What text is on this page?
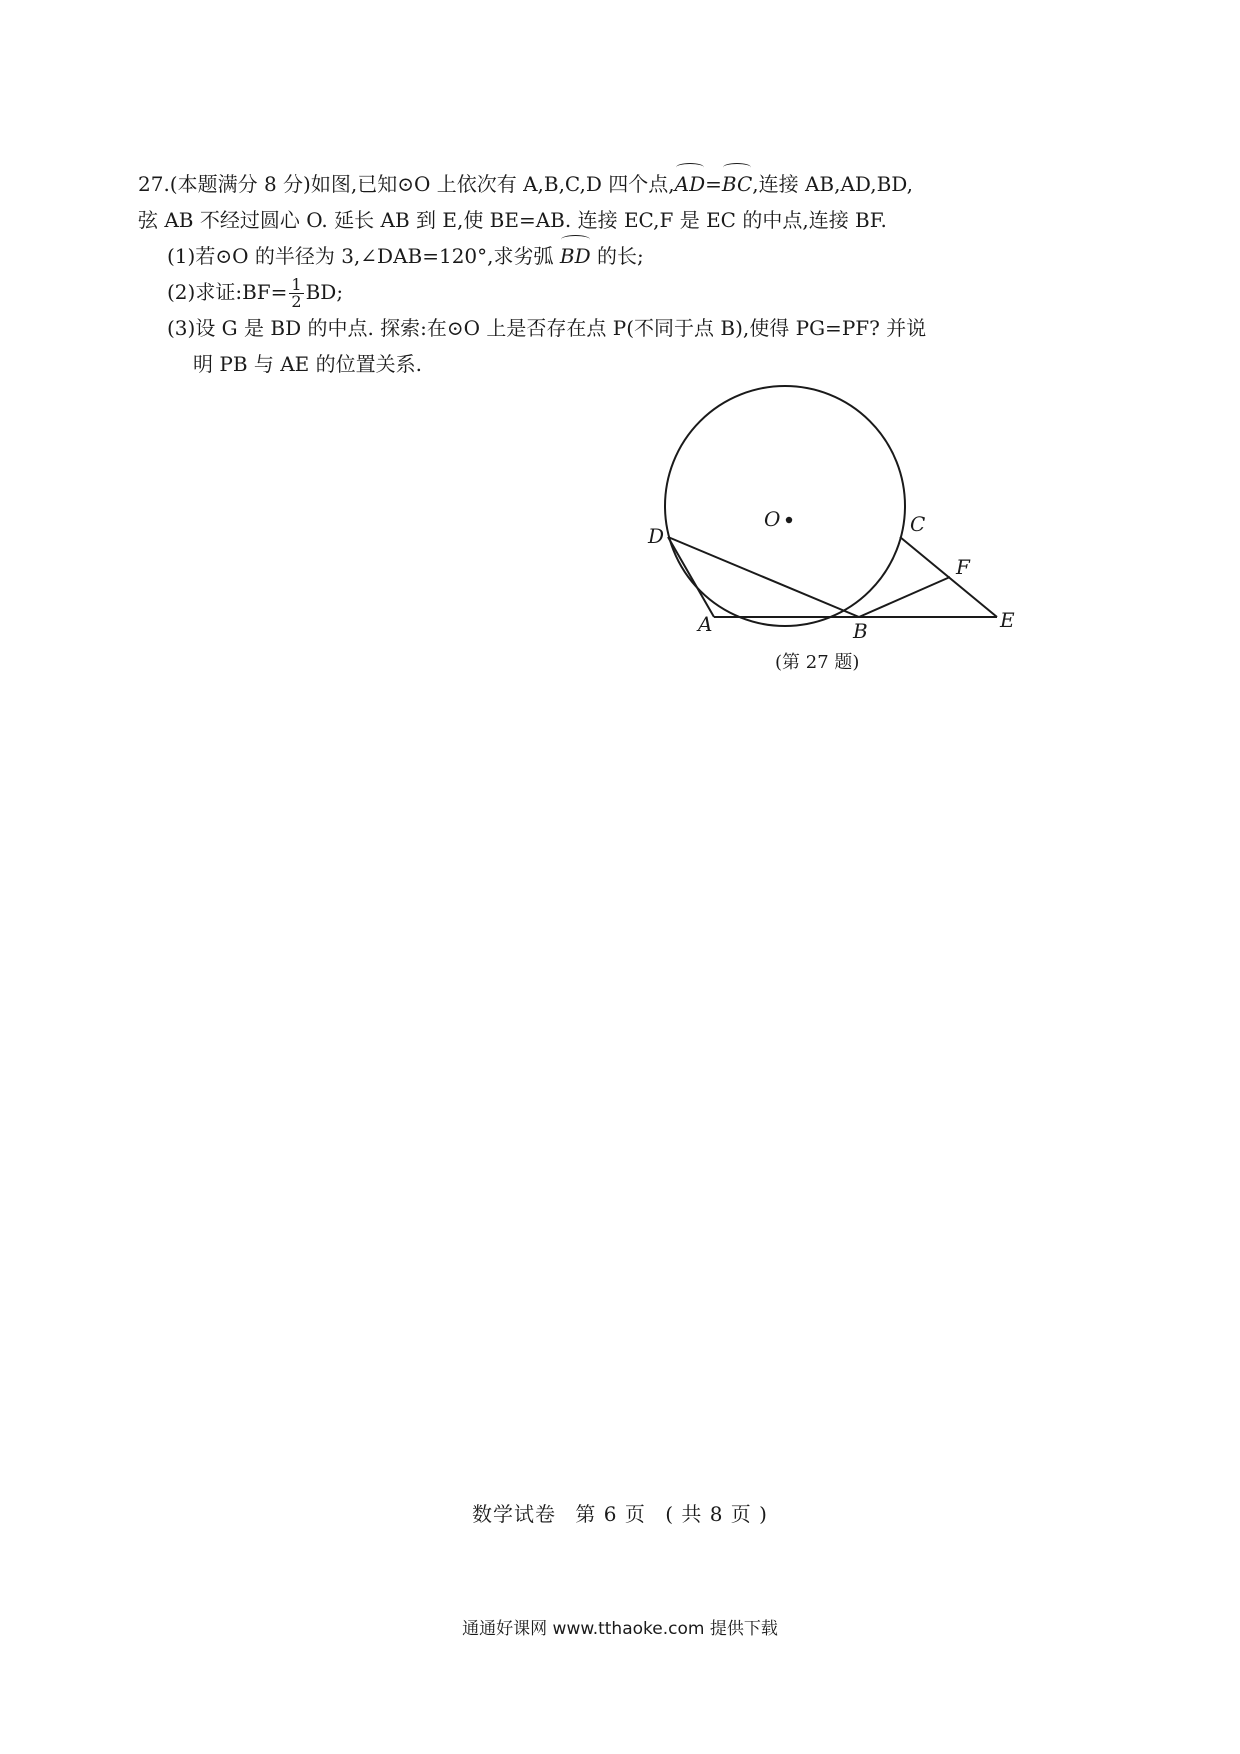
27.(本题满分 8 分)如图,已知⊙O 上依次有 A,B,C,D 四个点,AD=BC,连接 AB,AD,BD,
弦 AB 不经过圆心 O. 延长 AB 到 E,使 BE=AB. 连接 EC,F 是 EC 的中点,连接 BF.
(1)若⊙O 的半径为 3,∠DAB=120°,求劣弧 BD 的长;
(2)求证:BF= $\frac{1}{2}$ BD;
(3)设 G 是 BD 的中点. 探索:在⊙O 上是否存在点 P(不同于点 B),使得 PG=PF? 并说
明 PB 与 AE 的位置关系.
O
D	C
F
A	B	E
(第 27 题)
数学试卷 第 6 页 ( 共 8 页 )
通通好课网 www.tthaoke.com 提供下载
